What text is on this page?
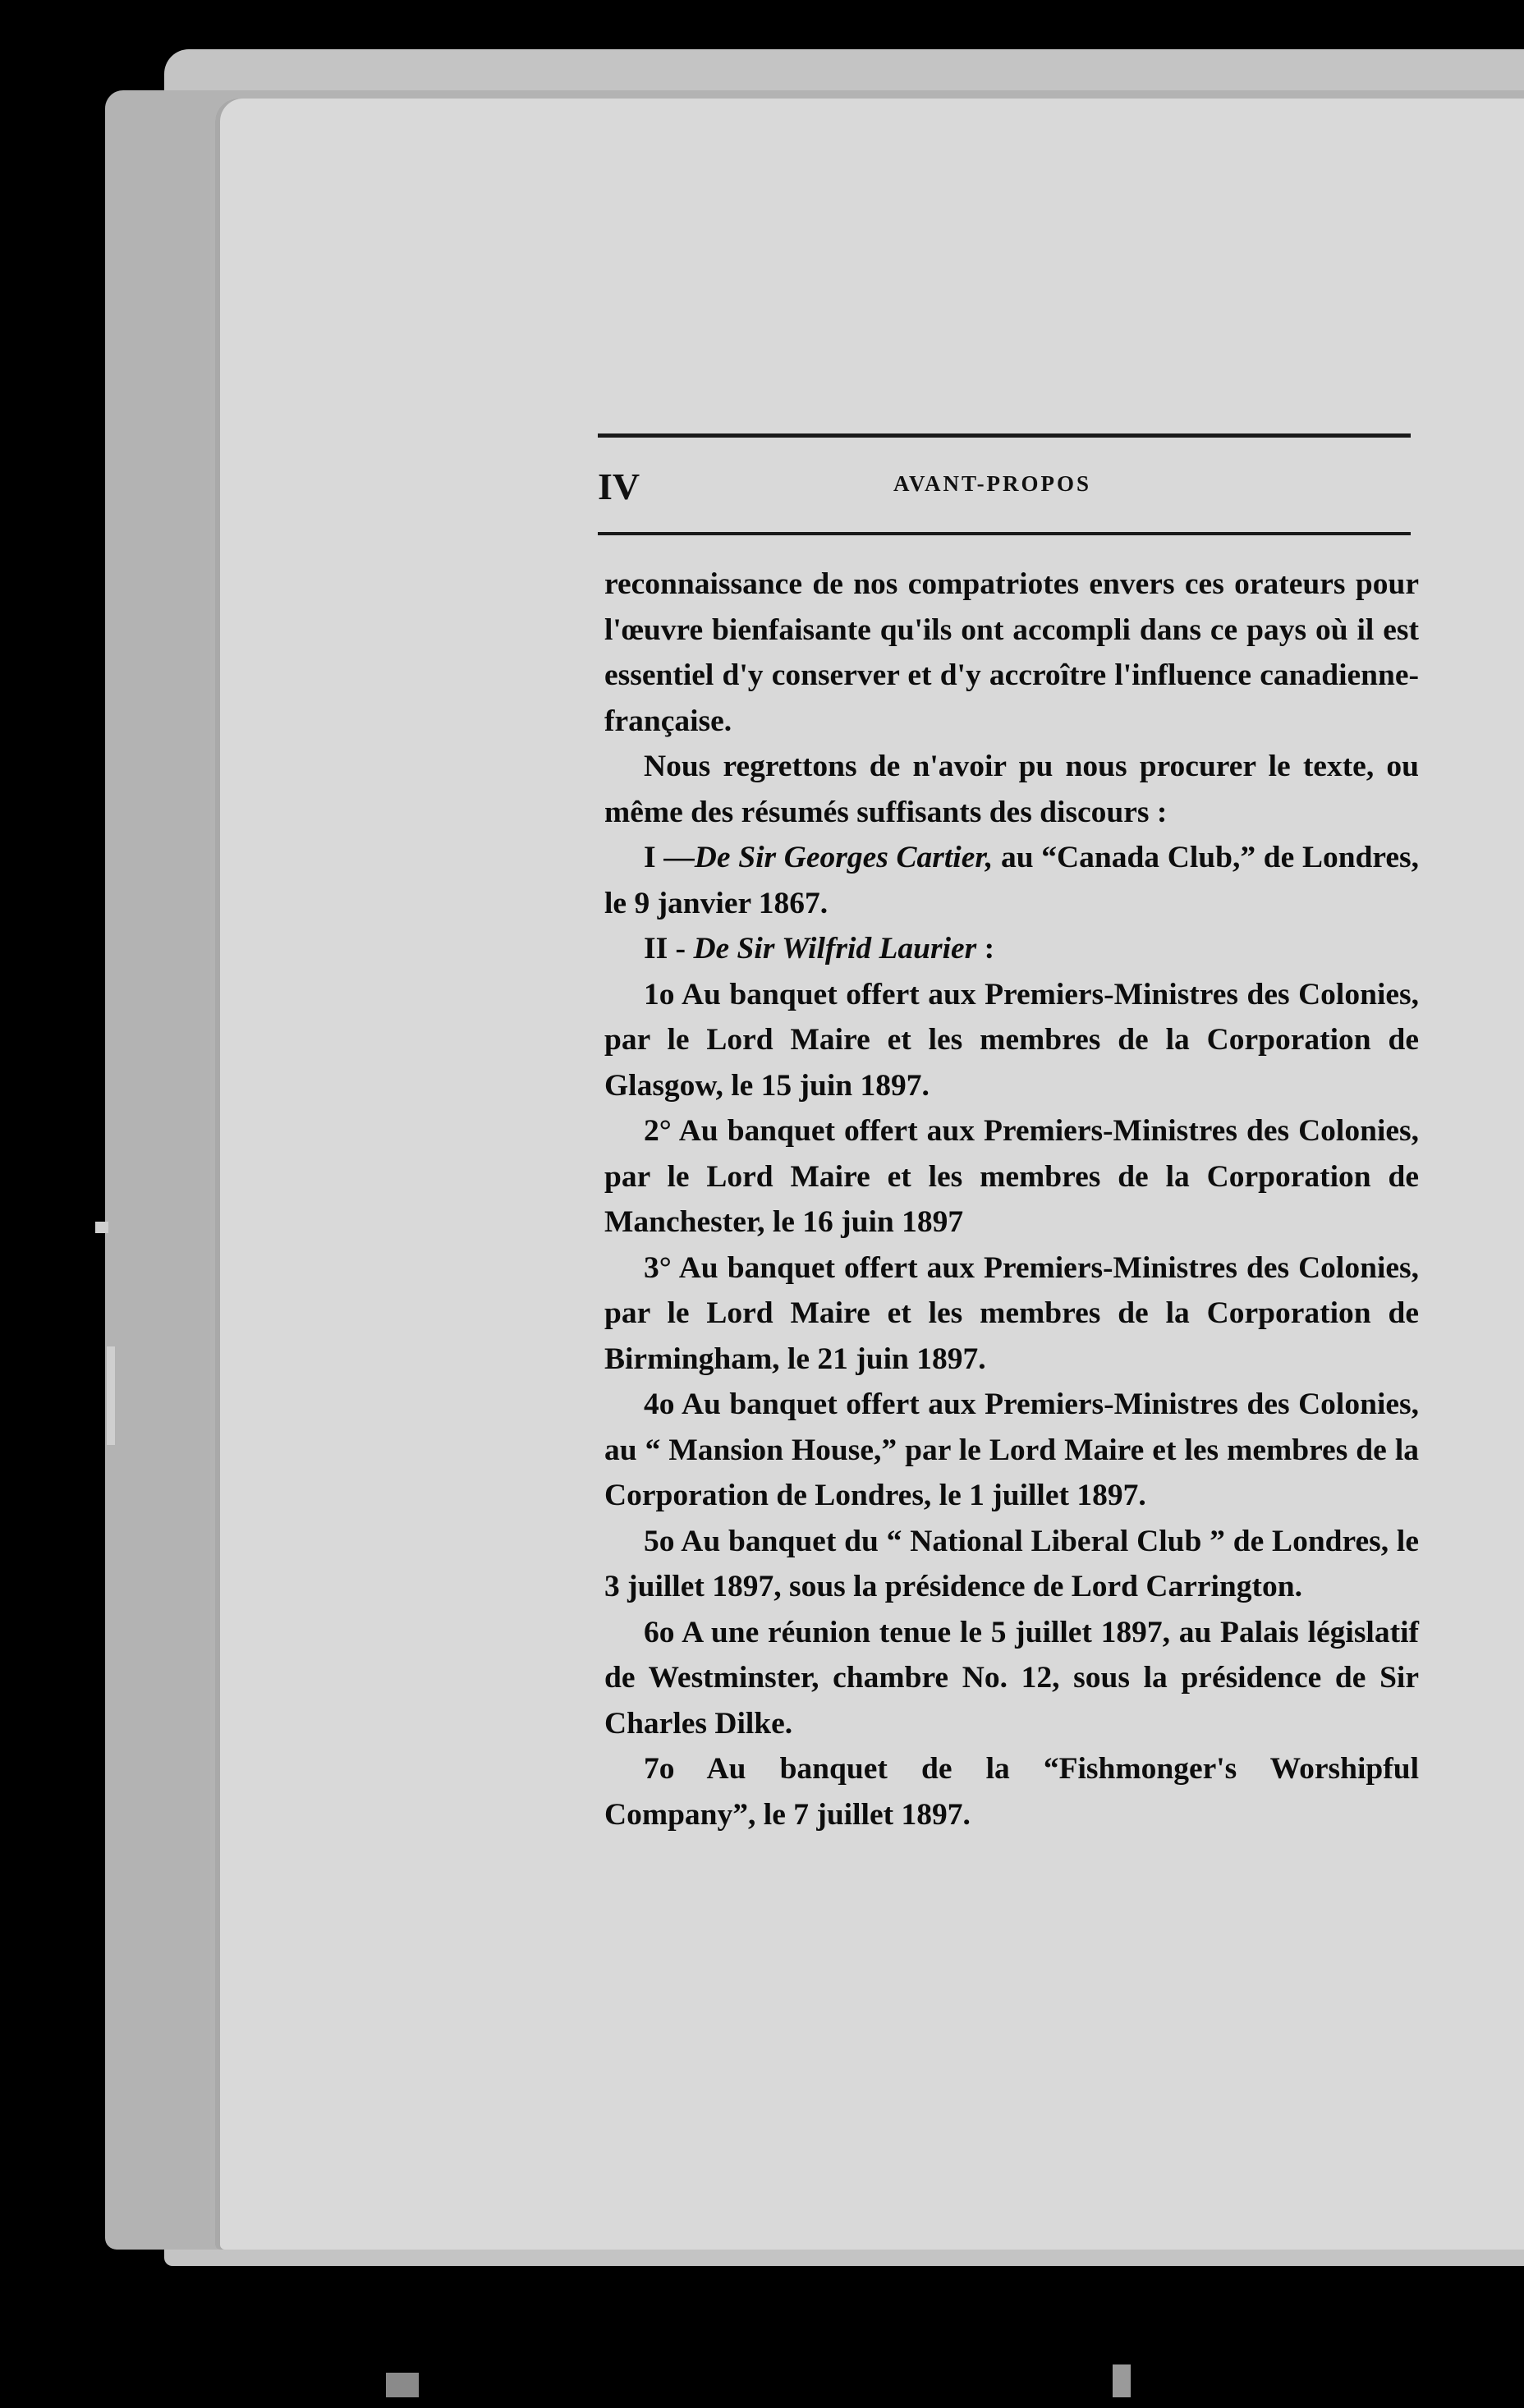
IV	AVANT-PROPOS

reconnaissance de nos compatriotes envers ces orateurs pour l'œuvre bienfaisante qu'ils ont accompli dans ce pays où il est essentiel d'y conserver et d'y accroître l'influence canadienne-française.

Nous regrettons de n'avoir pu nous procurer le texte, ou même des résumés suffisants des discours :

I —De Sir Georges Cartier, au “Canada Club,” de Londres, le 9 janvier 1867.

II - De Sir Wilfrid Laurier :

1o Au banquet offert aux Premiers-Ministres des Colonies, par le Lord Maire et les membres de la Corporation de Glasgow, le 15 juin 1897.

2° Au banquet offert aux Premiers-Ministres des Colonies, par le Lord Maire et les membres de la Corporation de Manchester, le 16 juin 1897

3° Au banquet offert aux Premiers-Ministres des Colonies, par le Lord Maire et les membres de la Corporation de Birmingham, le 21 juin 1897.

4o Au banquet offert aux Premiers-Ministres des Colonies, au “ Mansion House,” par le Lord Maire et les membres de la Corporation de Londres, le 1 juillet 1897.

5o Au banquet du “ National Liberal Club ” de Londres, le 3 juillet 1897, sous la présidence de Lord Carrington.

6o A une réunion tenue le 5 juillet 1897, au Palais législatif de Westminster, chambre No. 12, sous la présidence de Sir Charles Dilke.

7o Au banquet de la “Fishmonger's Worshipful Company”, le 7 juillet 1897.
